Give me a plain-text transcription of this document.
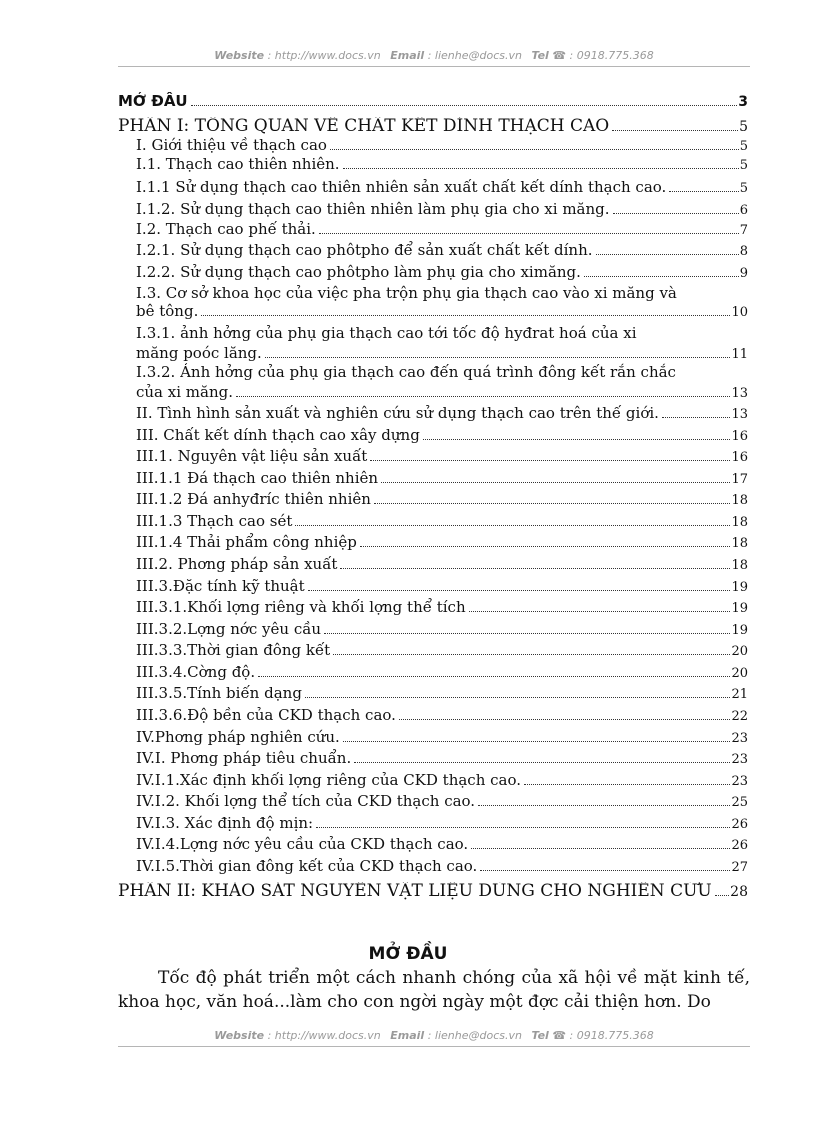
Website : http://www.docs.vn Email : lienhe@docs.vn Tel ☎ : 0918.775.368
MỞ ĐẦU	3
PHẦN I: TỔNG QUAN VỀ CHẤT KẾT DÍNH THẠCH CAO	5
I. Giới thiệu về thạch cao	5
I.1. Thạch cao thiên nhiên.	5
I.1.1 Sử dụng thạch cao thiên nhiên sản xuất chất kết dính thạch cao.	5
I.1.2. Sử dụng thạch cao thiên nhiên làm phụ gia cho xi măng.	6
I.2. Thạch cao phế thải.	7
I.2.1. Sử dụng thạch cao phôtpho để sản xuất chất kết dính.	8
I.2.2. Sử dụng thạch cao phôtpho làm phụ gia cho ximăng.	9
I.3. Cơ sở khoa học của việc pha trộn phụ gia thạch cao vào xi măng và
bê tông.	10
I.3.1. ảnh hởng của phụ gia thạch cao tới tốc độ hyđrat hoá của xi
măng poóc lăng.	11
I.3.2. Ảnh hởng của phụ gia thạch cao đến quá trình đông kết rắn chắc
của xi măng.	13
II. Tình hình sản xuất và nghiên cứu sử dụng thạch cao trên thế giới.	13
III. Chất kết dính thạch cao xây dựng	16
III.1. Nguyên vật liệu sản xuất	16
III.1.1 Đá thạch cao thiên nhiên	17
III.1.2 Đá anhyđríc thiên nhiên	18
III.1.3 Thạch cao sét	18
III.1.4 Thải phẩm công nhiệp	18
III.2. Phơng pháp sản xuất	18
III.3.Đặc tính kỹ thuật	19
III.3.1.Khối lợng riêng và khối lợng thể tích	19
III.3.2.Lợng nớc yêu cầu	19
III.3.3.Thời gian đông kết	20
III.3.4.Cờng độ.	20
III.3.5.Tính biến dạng	21
III.3.6.Độ bền của CKD thạch cao.	22
IV.Phơng pháp nghiên cứu.	23
IV.I. Phơng pháp tiêu chuẩn.	23
IV.I.1.Xác định khối lợng riêng của CKD thạch cao.	23
IV.I.2. Khối lợng thể tích của CKD thạch cao.	25
IV.I.3. Xác định độ mịn:	26
IV.I.4.Lợng nớc yêu cầu của CKD thạch cao.	26
IV.I.5.Thời gian đông kết của CKD thạch cao.	27
PHẦN II: KHẢO SÁT NGUYÊN VẬT LIỆU DÙNG CHO NGHIÊN CỨU 28
MỞ ĐẦU
Tốc độ phát triển một cách nhanh chóng của xã hội về mặt kinh tế, khoa học, văn hoá...làm cho con ngời ngày một đợc cải thiện hơn. Do
Website : http://www.docs.vn Email : lienhe@docs.vn Tel ☎ : 0918.775.368
